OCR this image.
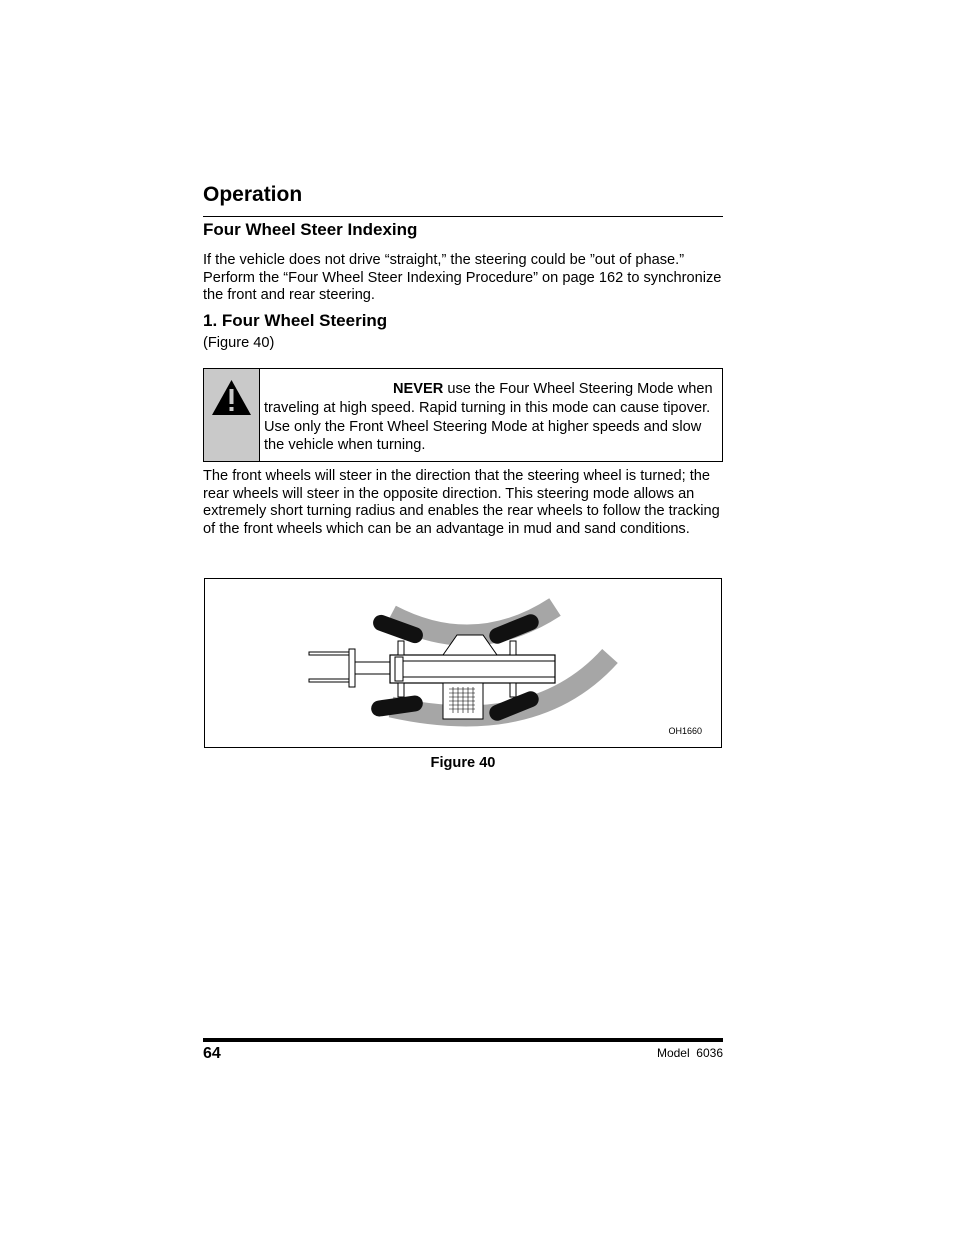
Operation
Four Wheel Steer Indexing

If the vehicle does not drive “straight,” the steering could be ”out of phase.” Perform the “Four Wheel Steer Indexing Procedure” on page 162 to synchronize the front and rear steering.

1. Four Wheel Steering

(Figure 40)

NEVER use the Four Wheel Steering Mode when traveling at high speed. Rapid turning in this mode can cause tipover. Use only the Front Wheel Steering Mode at higher speeds and slow the vehicle when turning.

The front wheels will steer in the direction that the steering wheel is turned; the rear wheels will steer in the opposite direction. This steering mode allows an extremely short turning radius and enables the rear wheels to follow the tracking of the front wheels which can be an advantage in mud and sand conditions.

OH1660

Figure 40

64	Model  6036
